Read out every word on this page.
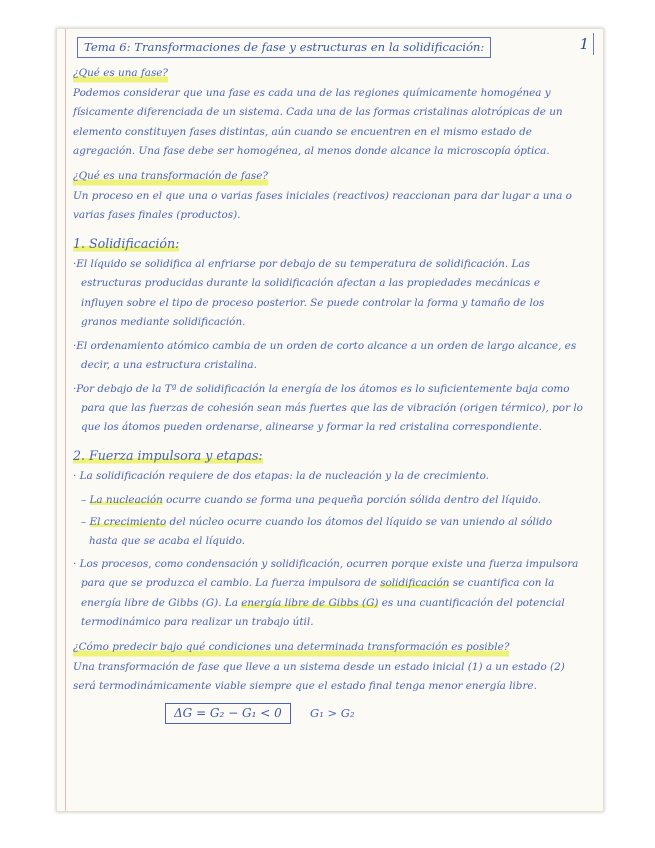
1
Tema 6: Transformaciones de fase y estructuras en la solidificación:
¿Qué es una fase?

Podemos considerar que una fase es cada una de las regiones químicamente homogénea y físicamente diferenciada de un sistema. Cada una de las formas cristalinas alotrópicas de un elemento constituyen fases distintas, aún cuando se encuentren en el mismo estado de agregación. Una fase debe ser homogénea, al menos donde alcance la microscopía óptica.

¿Qué es una transformación de fase?

Un proceso en el que una o varias fases iniciales (reactivos) reaccionan para dar lugar a una o varias fases finales (productos).

1. Solidificación:

·El líquido se solidifica al enfriarse por debajo de su temperatura de solidificación. Las estructuras producidas durante la solidificación afectan a las propiedades mecánicas e influyen sobre el tipo de proceso posterior. Se puede controlar la forma y tamaño de los granos mediante solidificación.

·El ordenamiento atómico cambia de un orden de corto alcance a un orden de largo alcance, es decir, a una estructura cristalina.

·Por debajo de la Tª de solidificación la energía de los átomos es lo suficientemente baja como para que las fuerzas de cohesión sean más fuertes que las de vibración (origen térmico), por lo que los átomos pueden ordenarse, alinearse y formar la red cristalina correspondiente.

2. Fuerza impulsora y etapas:

· La solidificación requiere de dos etapas: la de nucleación y la de crecimiento.

– La nucleación ocurre cuando se forma una pequeña porción sólida dentro del líquido.

– El crecimiento del núcleo ocurre cuando los átomos del líquido se van uniendo al sólido hasta que se acaba el líquido.

· Los procesos, como condensación y solidificación, ocurren porque existe una fuerza impulsora para que se produzca el cambio. La fuerza impulsora de solidificación se cuantifica con la energía libre de Gibbs (G). La energía libre de Gibbs (G) es una cuantificación del potencial termodinámico para realizar un trabajo útil.

¿Cómo predecir bajo qué condiciones una determinada transformación es posible?

Una transformación de fase que lleve a un sistema desde un estado inicial (1) a un estado (2) será termodinámicamente viable siempre que el estado final tenga menor energía libre.

ΔG = G₂ − G₁ < 0 G₁ > G₂
